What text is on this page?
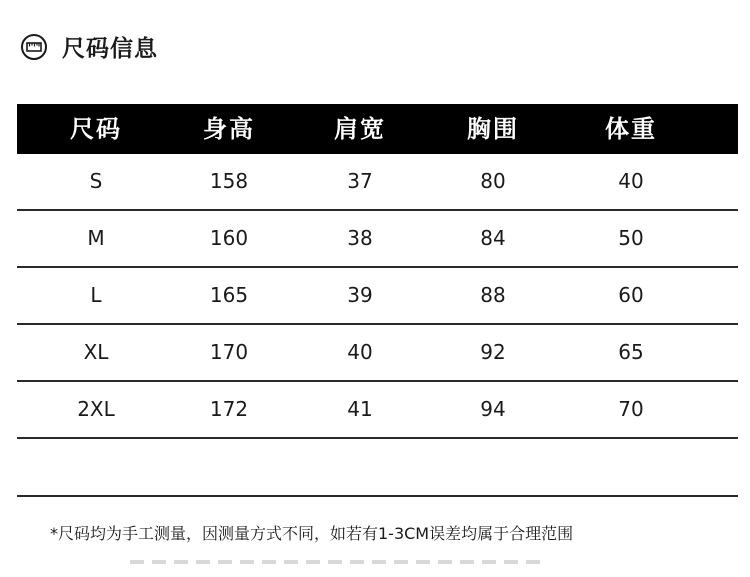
尺码信息
尺码	身高	肩宽	胸围	体重
S	158	37	80	40
M	160	38	84	50
L	165	39	88	60
XL	170	40	92	65
2XL	172	41	94	70
*尺码均为手工测量，因测量方式不同，如若有1-3CM误差均属于合理范围
